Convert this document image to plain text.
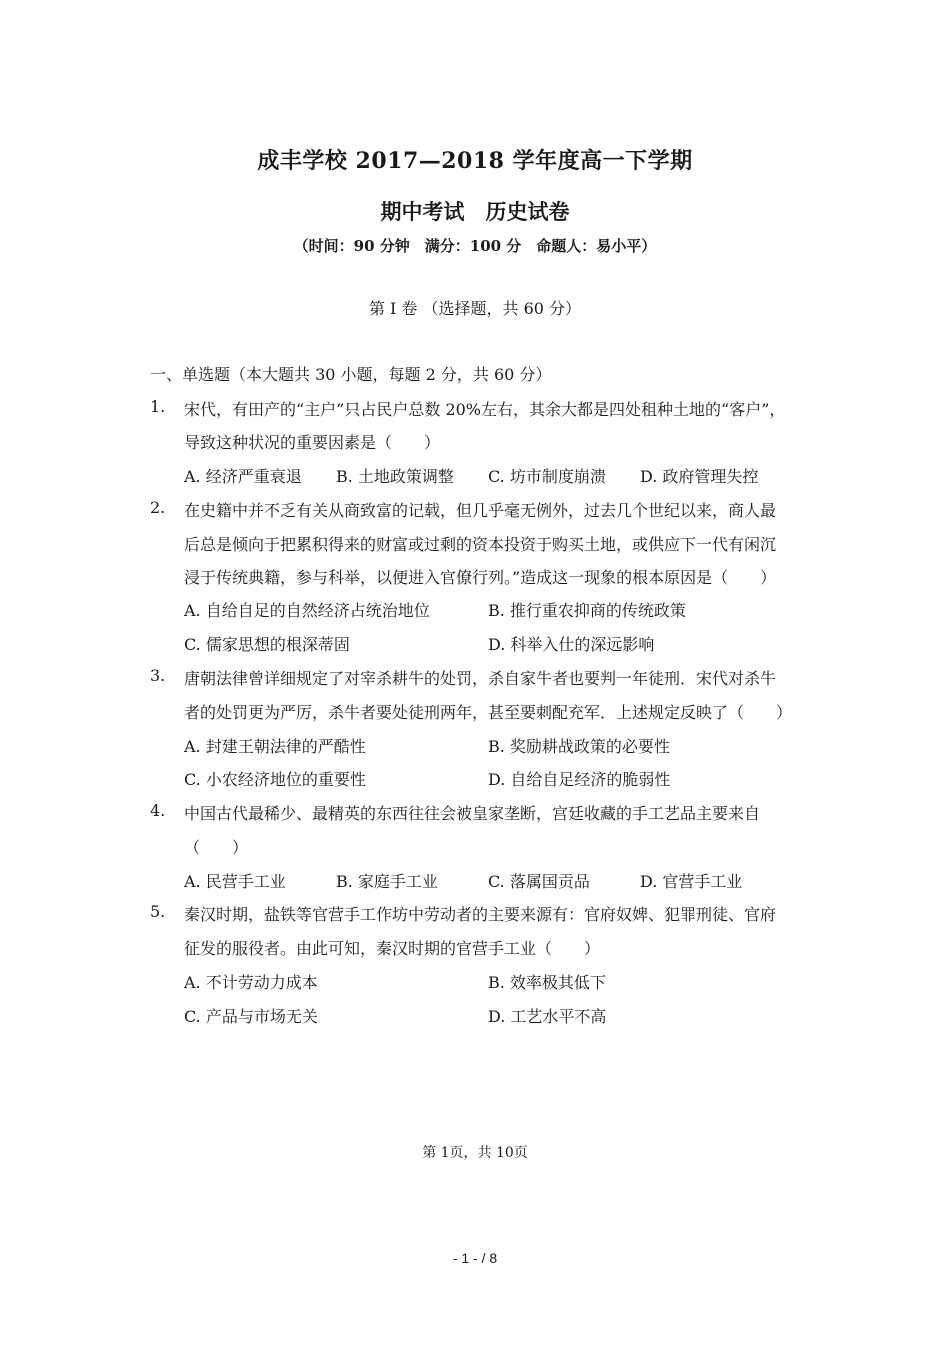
成丰学校 2017—2018 学年度高一下学期
期中考试　历史试卷
（时间：90 分钟　满分：100 分　命题人：易小平）
第 I 卷 （选择题，共 60 分）
一、单选题（本大题共 30 小题，每题 2 分，共 60 分）
1.	宋代，有田产的“主户”只占民户总数 20%左右，其余大都是四处租种土地的“客户”，
导致这种状况的重要因素是（　　）
A. 经济严重衰退 B. 土地政策调整 C. 坊市制度崩溃 D. 政府管理失控
2.	在史籍中并不乏有关从商致富的记载，但几乎毫无例外，过去几个世纪以来，商人最
后总是倾向于把累积得来的财富或过剩的资本投资于购买土地，或供应下一代有闲沉
浸于传统典籍，参与科举，以便进入官僚行列。”造成这一现象的根本原因是（　　）
A. 自给自足的自然经济占统治地位	B. 推行重农抑商的传统政策
C. 儒家思想的根深蒂固	D. 科举入仕的深远影响
3.	唐朝法律曾详细规定了对宰杀耕牛的处罚，杀自家牛者也要判一年徒刑．宋代对杀牛
者的处罚更为严厉，杀牛者要处徒刑两年，甚至要刺配充军．上述规定反映了（　　）
A. 封建王朝法律的严酷性	B. 奖励耕战政策的必要性
C. 小农经济地位的重要性	D. 自给自足经济的脆弱性
4.	中国古代最稀少、最精英的东西往往会被皇家垄断，宫廷收藏的手工艺品主要来自
（　　）
A. 民营手工业	B. 家庭手工业	C. 落属国贡品	D. 官营手工业
5.	秦汉时期，盐铁等官营手工作坊中劳动者的主要来源有：官府奴婢、犯罪刑徒、官府
征发的服役者。由此可知，秦汉时期的官营手工业（　　）
A. 不计劳动力成本	B. 效率极其低下
C. 产品与市场无关	D. 工艺水平不高
第 1页，共 10页
- 1 - / 8
